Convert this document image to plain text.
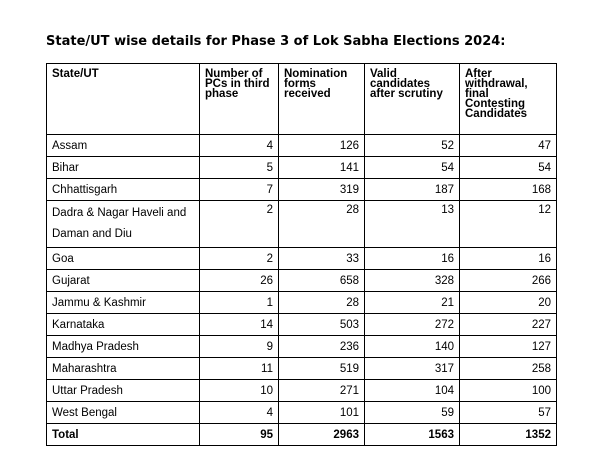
State/UT wise details for Phase 3 of Lok Sabha Elections 2024:
State/UT	Number of PCs in third phase	Nomination forms received	Valid candidates after scrutiny	After withdrawal, final Contesting Candidates
Assam	4	126	52	47
Bihar	5	141	54	54
Chhattisgarh	7	319	187	168
Dadra & Nagar Haveli and Daman and Diu	2	28	13	12
Goa	2	33	16	16
Gujarat	26	658	328	266
Jammu & Kashmir	1	28	21	20
Karnataka	14	503	272	227
Madhya Pradesh	9	236	140	127
Maharashtra	11	519	317	258
Uttar Pradesh	10	271	104	100
West Bengal	4	101	59	57
Total	95	2963	1563	1352
